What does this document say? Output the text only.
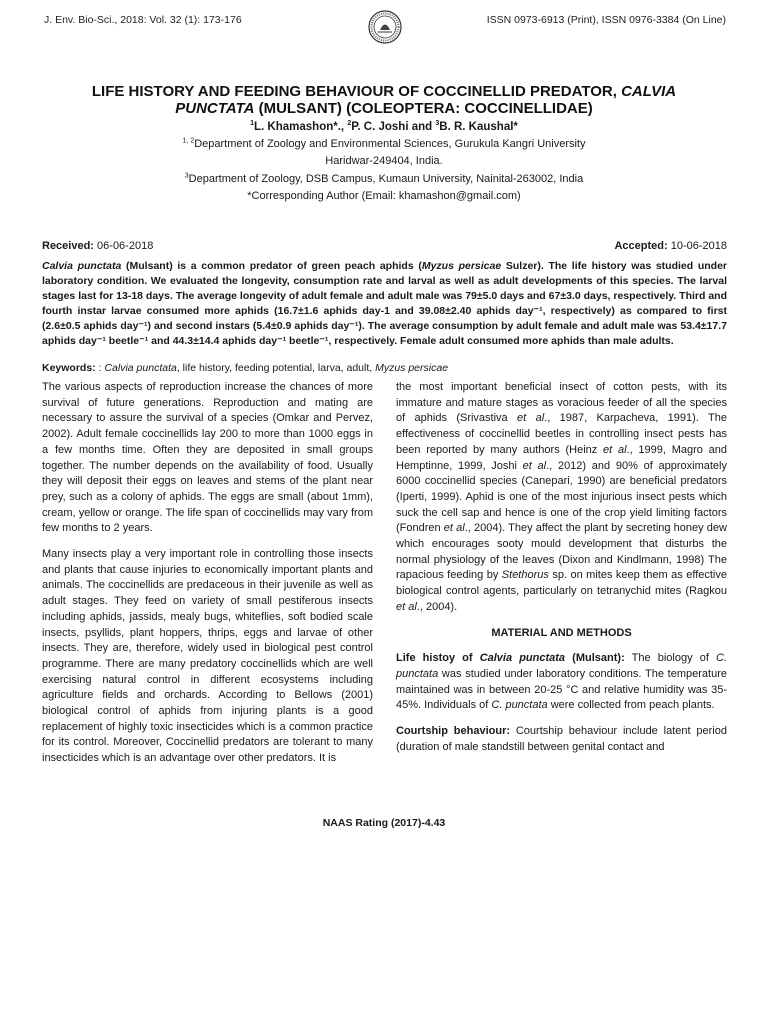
J. Env. Bio-Sci., 2018: Vol. 32 (1): 173-176	ISSN 0973-6913 (Print), ISSN 0976-3384 (On Line)
LIFE HISTORY AND FEEDING BEHAVIOUR OF COCCINELLID PREDATOR, CALVIA
PUNCTATA (MULSANT) (COLEOPTERA: COCCINELLIDAE)
$^1$L. Khamashon*., $^2$P. C. Joshi and $^3$B. R. Kaushal*
$^{1, 2}$Department of Zoology and Environmental Sciences, Gurukula Kangri University
Haridwar-249404, India.
$^3$Department of Zoology, DSB Campus, Kumaun University, Nainital-263002, India
*Corresponding Author (Email: khamashon@gmail.com)
Received: 06-06-2018	Accepted: 10-06-2018
Calvia punctata (Mulsant) is a common predator of green peach aphids (Myzus persicae Sulzer). The life history was studied under laboratory condition. We evaluated the longevity, consumption rate and larval as well as adult developments of this species. The larval stages last for 13-18 days. The average longevity of adult female and adult male was 79±5.0 days and 67±3.0 days, respectively. Third and fourth instar larvae consumed more aphids (16.7±1.6 aphids day-1 and 39.08±2.40 aphids day⁻¹, respectively) as compared to first (2.6±0.5 aphids day⁻¹) and second instars (5.4±0.9 aphids day⁻¹). The average consumption by adult female and adult male was 53.4±17.7 aphids day⁻¹ beetle⁻¹ and 44.3±14.4 aphids day⁻¹ beetle⁻¹, respectively. Female adult consumed more aphids than male adults.
Keywords: : Calvia punctata, life history, feeding potential, larva, adult, Myzus persicae

The various aspects of reproduction increase the chances of more survival of future generations. Reproduction and mating are necessary to assure the survival of a species (Omkar and Pervez, 2002). Adult female coccinellids lay 200 to more than 1000 eggs in a few months time. Often they are deposited in small groups together. The number depends on the availability of food. Usually they will deposit their eggs on leaves and stems of the plant near prey, such as a colony of aphids. The eggs are small (about 1mm), cream, yellow or orange. The life span of coccinellids may vary from few months to 2 years.

Many insects play a very important role in controlling those insects and plants that cause injuries to economically important plants and animals. The coccinellids are predaceous in their juvenile as well as adult stages. They feed on variety of small pestiferous insects including aphids, jassids, mealy bugs, whiteflies, soft bodied scale insects, psyllids, plant hoppers, thrips, eggs and larvae of other insects. They are, therefore, widely used in biological pest control programme. There are many predatory coccinellids which are well exercising natural control in different ecosystems including agriculture fields and orchards. According to Bellows (2001) biological control of aphids from injuring plants is a good replacement of highly toxic insecticides which is a common practice for its control. Moreover, Coccinellid predators are tolerant to many insecticides which is an advantage over other predators. It is

the most important beneficial insect of cotton pests, with its immature and mature stages as voracious feeder of all the species of aphids (Srivastiva et al., 1987, Karpacheva, 1991). The effectiveness of coccinellid beetles in controlling insect pests has been reported by many authors (Heinz et al., 1999, Magro and Hemptinne, 1999, Joshi et al., 2012) and 90% of approximately 6000 coccinellid species (Canepari, 1990) are beneficial predators (Iperti, 1999). Aphid is one of the most injurious insect pests which suck the cell sap and hence is one of the crop yield limiting factors (Fondren et al., 2004). They affect the plant by secreting honey dew which encourages sooty mould development that disturbs the normal physiology of the leaves (Dixon and Kindlmann, 1998) The rapacious feeding by Stethorus sp. on mites keep them as effective biological control agents, particularly on tetranychid mites (Ragkou et al., 2004).

MATERIAL AND METHODS

Life histoy of Calvia punctata (Mulsant): The biology of C. punctata was studied under laboratory conditions. The temperature maintained was in between 20-25 °C and relative humidity was 35-45%. Individuals of C. punctata were collected from peach plants.

Courtship behaviour: Courtship behaviour include latent period (duration of male standstill between genital contact and

NAAS Rating (2017)-4.43
